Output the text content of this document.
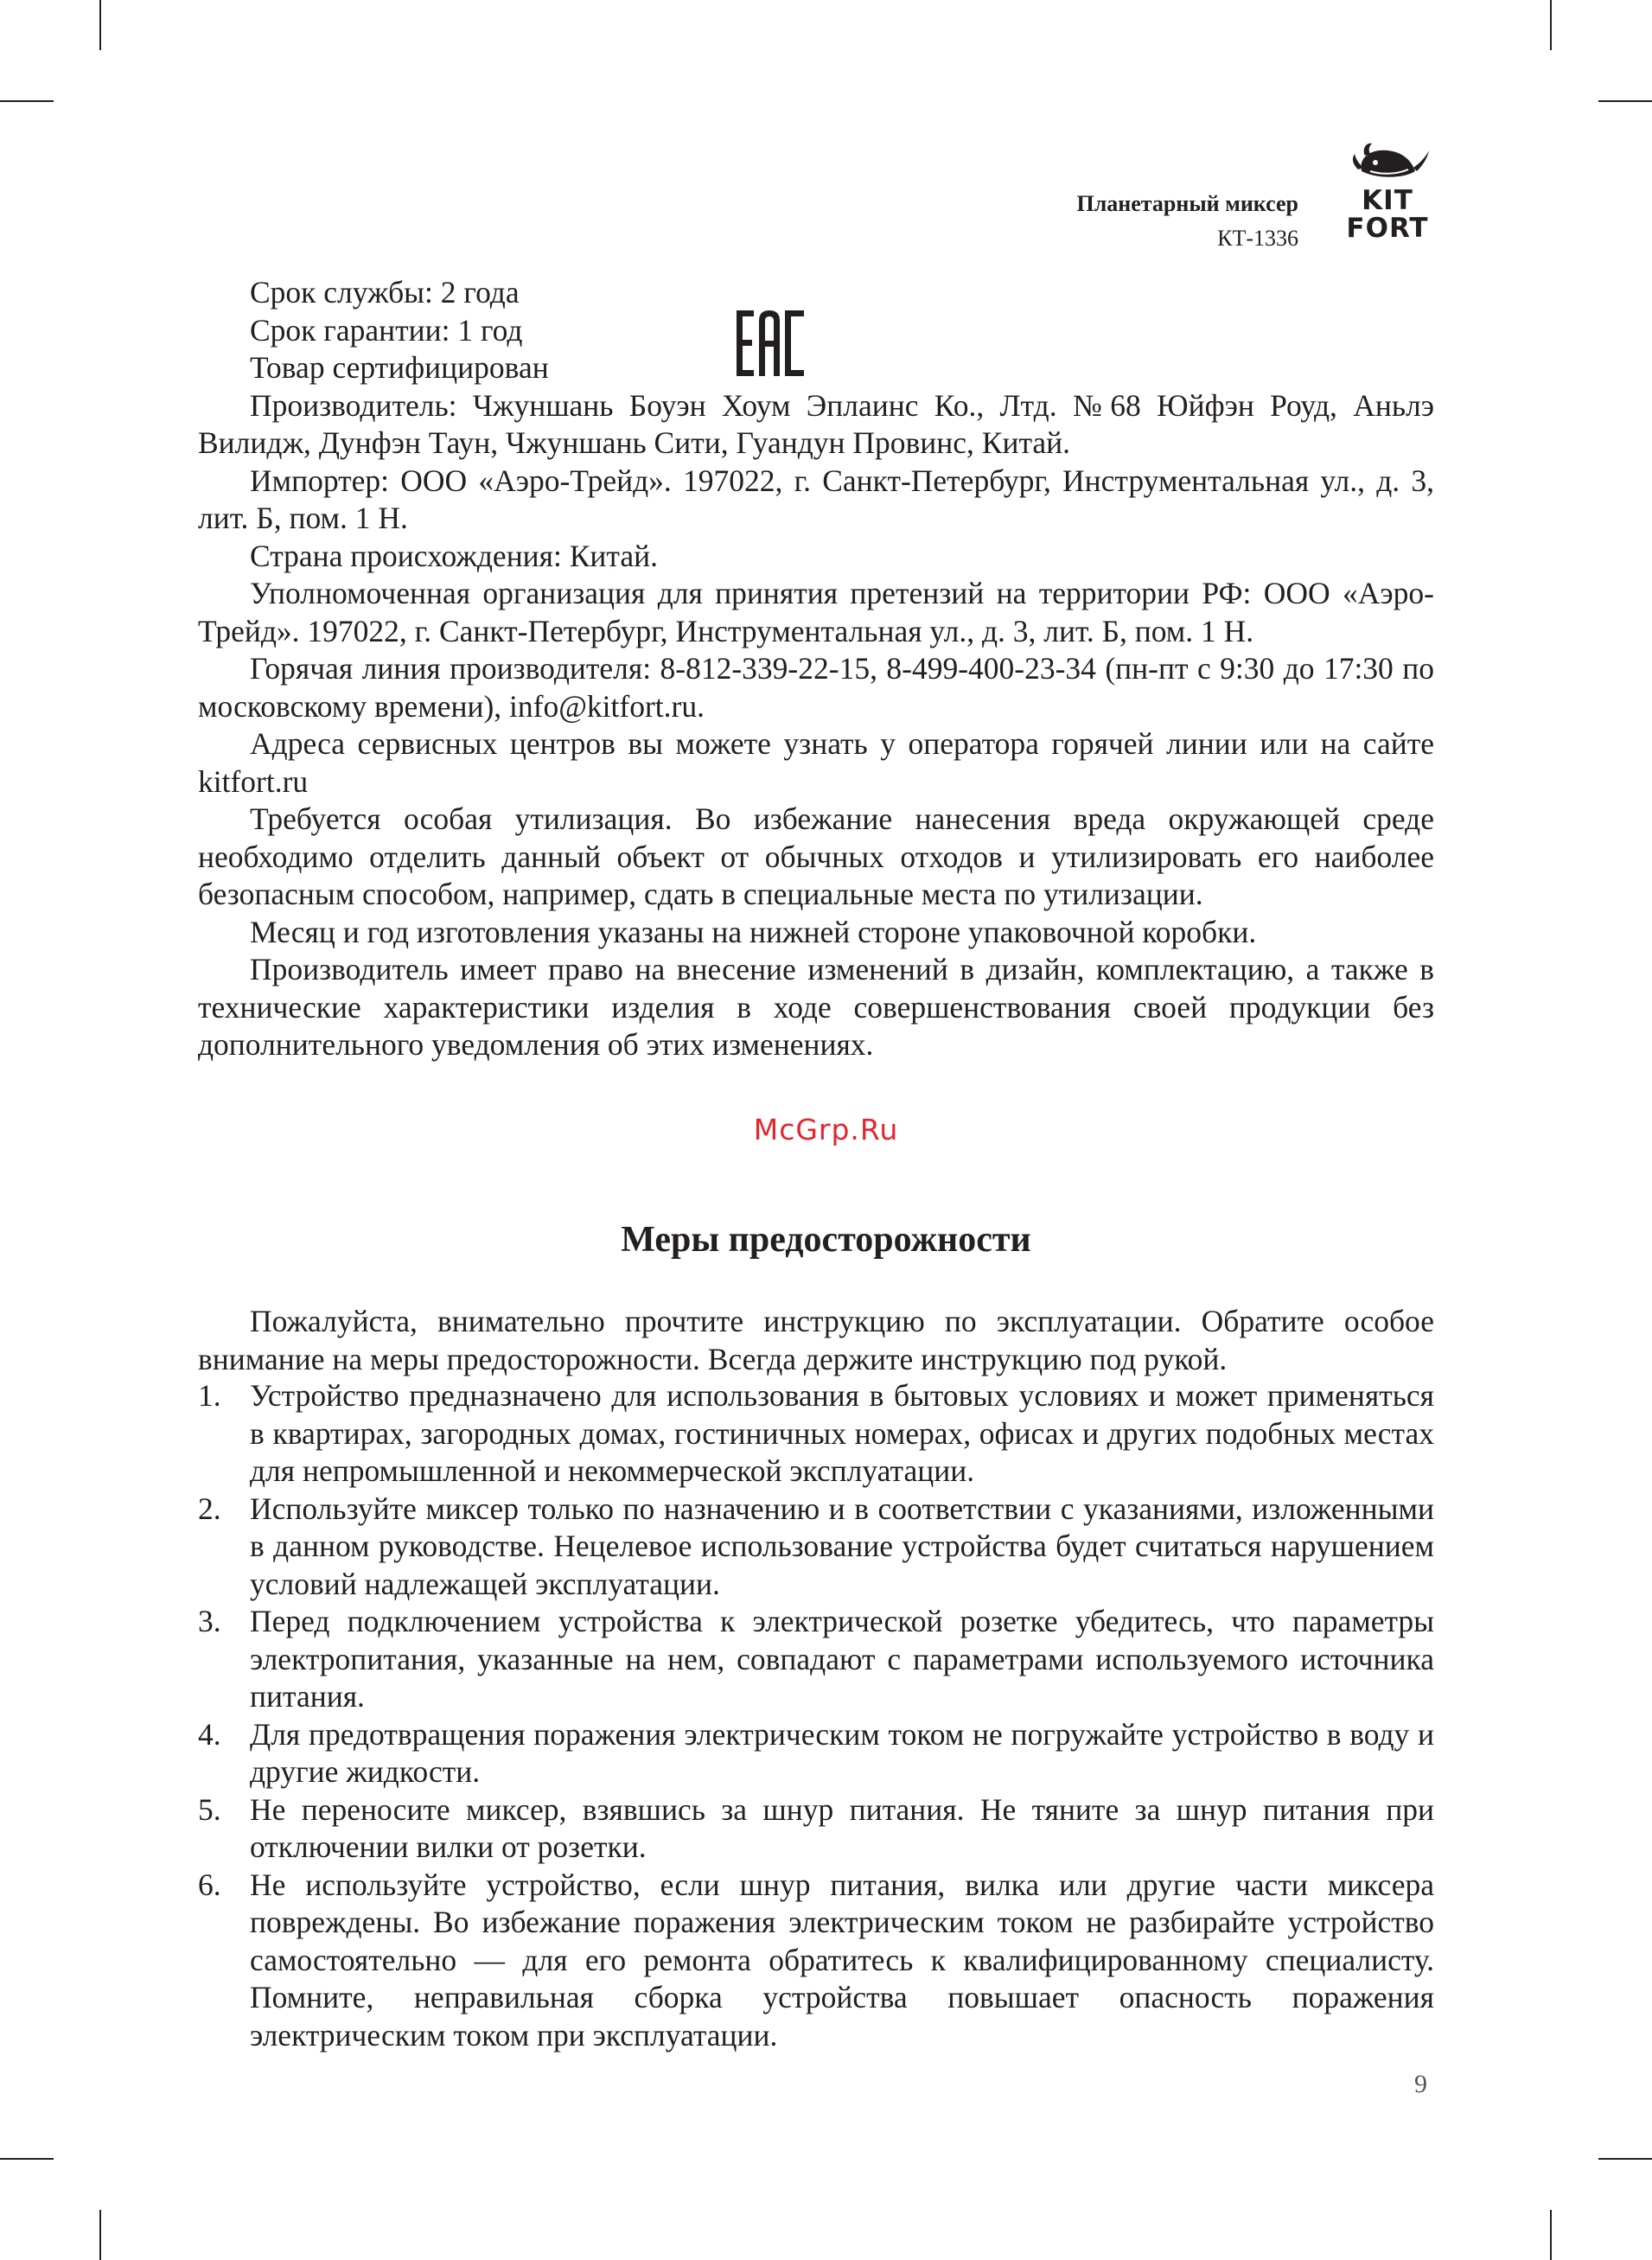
Планетарный миксер
КТ-1336
KIT
FORT

Срок службы: 2 года

Срок гарантии: 1 год

Товар сертифицирован

Производитель: Чжуншань Боуэн Хоум Эплаинс Ко., Лтд. №68 Юйфэн Роуд, Аньлэ Вилидж, Дунфэн Таун, Чжуншань Сити, Гуандун Провинс, Китай.

Импортер: ООО «Аэро-Трейд». 197022, г. Санкт-Петербург, Инструментальная ул., д. 3, лит. Б, пом. 1 Н.

Страна происхождения: Китай.

Уполномоченная организация для принятия претензий на территории РФ: ООО «Аэро-Трейд». 197022, г. Санкт-Петербург, Инструментальная ул., д. 3, лит. Б, пом. 1 Н.

Горячая линия производителя: 8-812-339-22-15, 8-499-400-23-34 (пн-пт с 9:30 до 17:30 по московскому времени), info@kitfort.ru.

Адреса сервисных центров вы можете узнать у оператора горячей линии или на сайте kitfort.ru

Требуется особая утилизация. Во избежание нанесения вреда окружающей среде необходимо отделить данный объект от обычных отходов и утилизировать его наиболее безопасным способом, например, сдать в специальные места по утилизации.

Месяц и год изготовления указаны на нижней стороне упаковочной коробки.

Производитель имеет право на внесение изменений в дизайн, комплектацию, а также в технические характеристики изделия в ходе совершенствования своей продукции без дополнительного уведомления об этих изменениях.

McGrp.Ru
Меры предосторожности

Пожалуйста, внимательно прочтите инструкцию по эксплуатации. Обратите особое внимание на меры предосторожности. Всегда держите инструкцию под рукой.

1. Устройство предназначено для использования в бытовых условиях и может применяться в квартирах, загородных домах, гостиничных номерах, офисах и других подобных местах для непромышленной и некоммерческой эксплуатации.
2. Используйте миксер только по назначению и в соответствии с указаниями, изложенными в данном руководстве. Нецелевое использование устройства будет считаться нарушением условий надлежащей эксплуатации.
3. Перед подключением устройства к электрической розетке убедитесь, что параметры электропитания, указанные на нем, совпадают с параметрами используемого источника питания.
4. Для предотвращения поражения электрическим током не погружайте устройство в воду и другие жидкости.
5. Не переносите миксер, взявшись за шнур питания. Не тяните за шнур питания при отключении вилки от розетки.
6. Не используйте устройство, если шнур питания, вилка или другие части миксера повреждены. Во избежание поражения электрическим током не разбирайте устройство самостоятельно — для его ремонта обратитесь к квалифицированному специалисту. Помните, неправильная сборка устройства повышает опасность поражения электрическим током при эксплуатации.
9
